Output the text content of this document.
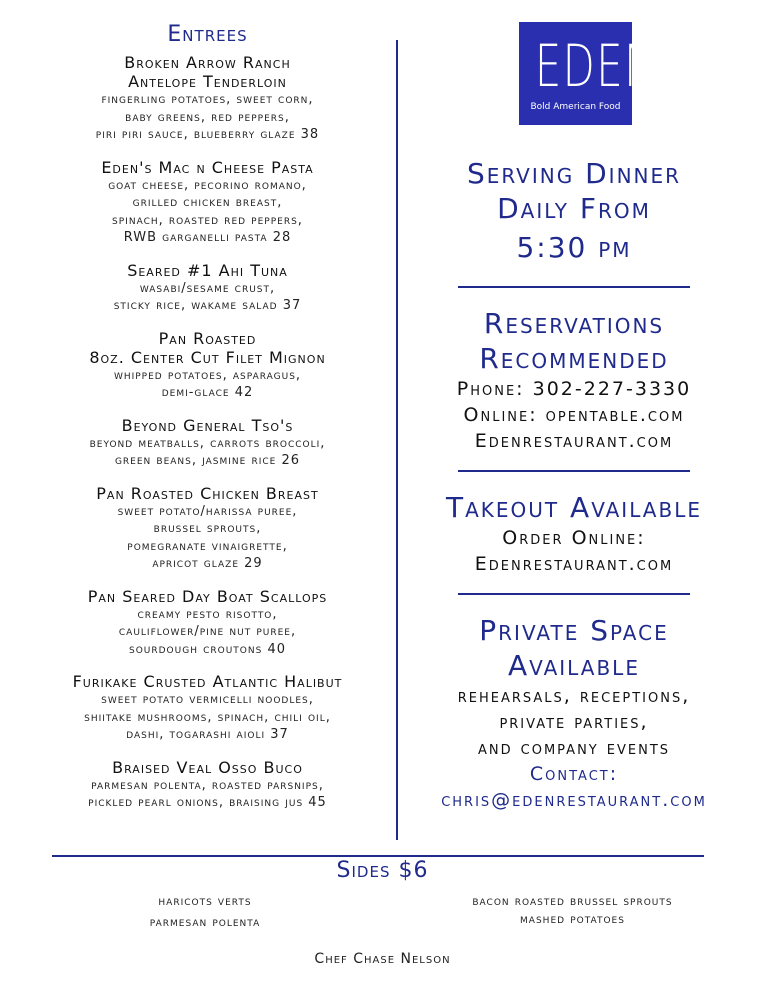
Entrees
Broken Arrow Ranch
Antelope Tenderloin
fingerling potatoes, sweet corn,
baby greens, red peppers,
piri piri sauce, blueberry glaze 38
Eden's Mac n Cheese Pasta
goat cheese, pecorino romano,
grilled chicken breast,
spinach, roasted red peppers,
RWB garganelli pasta 28
Seared #1 Ahi Tuna
wasabi/sesame crust,
sticky rice, wakame salad 37
Pan Roasted
8oz. Center Cut Filet Mignon
whipped potatoes, asparagus,
demi-glace 42
Beyond General Tso's
beyond meatballs, carrots broccoli,
green beans, jasmine rice 26
Pan Roasted Chicken Breast
sweet potato/harissa puree,
brussel sprouts,
pomegranate vinaigrette,
apricot glaze 29
Pan Seared Day Boat Scallops
creamy pesto risotto,
cauliflower/pine nut puree,
sourdough croutons 40
Furikake Crusted Atlantic Halibut
sweet potato vermicelli noodles,
shiitake mushrooms, spinach, chili oil,
dashi, togarashi aioli 37
Braised Veal Osso Buco
parmesan polenta, roasted parsnips,
pickled pearl onions, braising jus 45
EDEN
Bold American Food
Serving Dinner
Daily From
5:30 pm
Reservations
Recommended
Phone: 302-227-3330
Online: opentable.com
Edenrestaurant.com
Takeout Available
Order Online:
Edenrestaurant.com
Private Space
Available
rehearsals, receptions,
private parties,
and company events
Contact:
chris@edenrestaurant.com
Sides $6
haricots verts
parmesan polenta
bacon roasted brussel sprouts
mashed potatoes
Chef Chase Nelson
